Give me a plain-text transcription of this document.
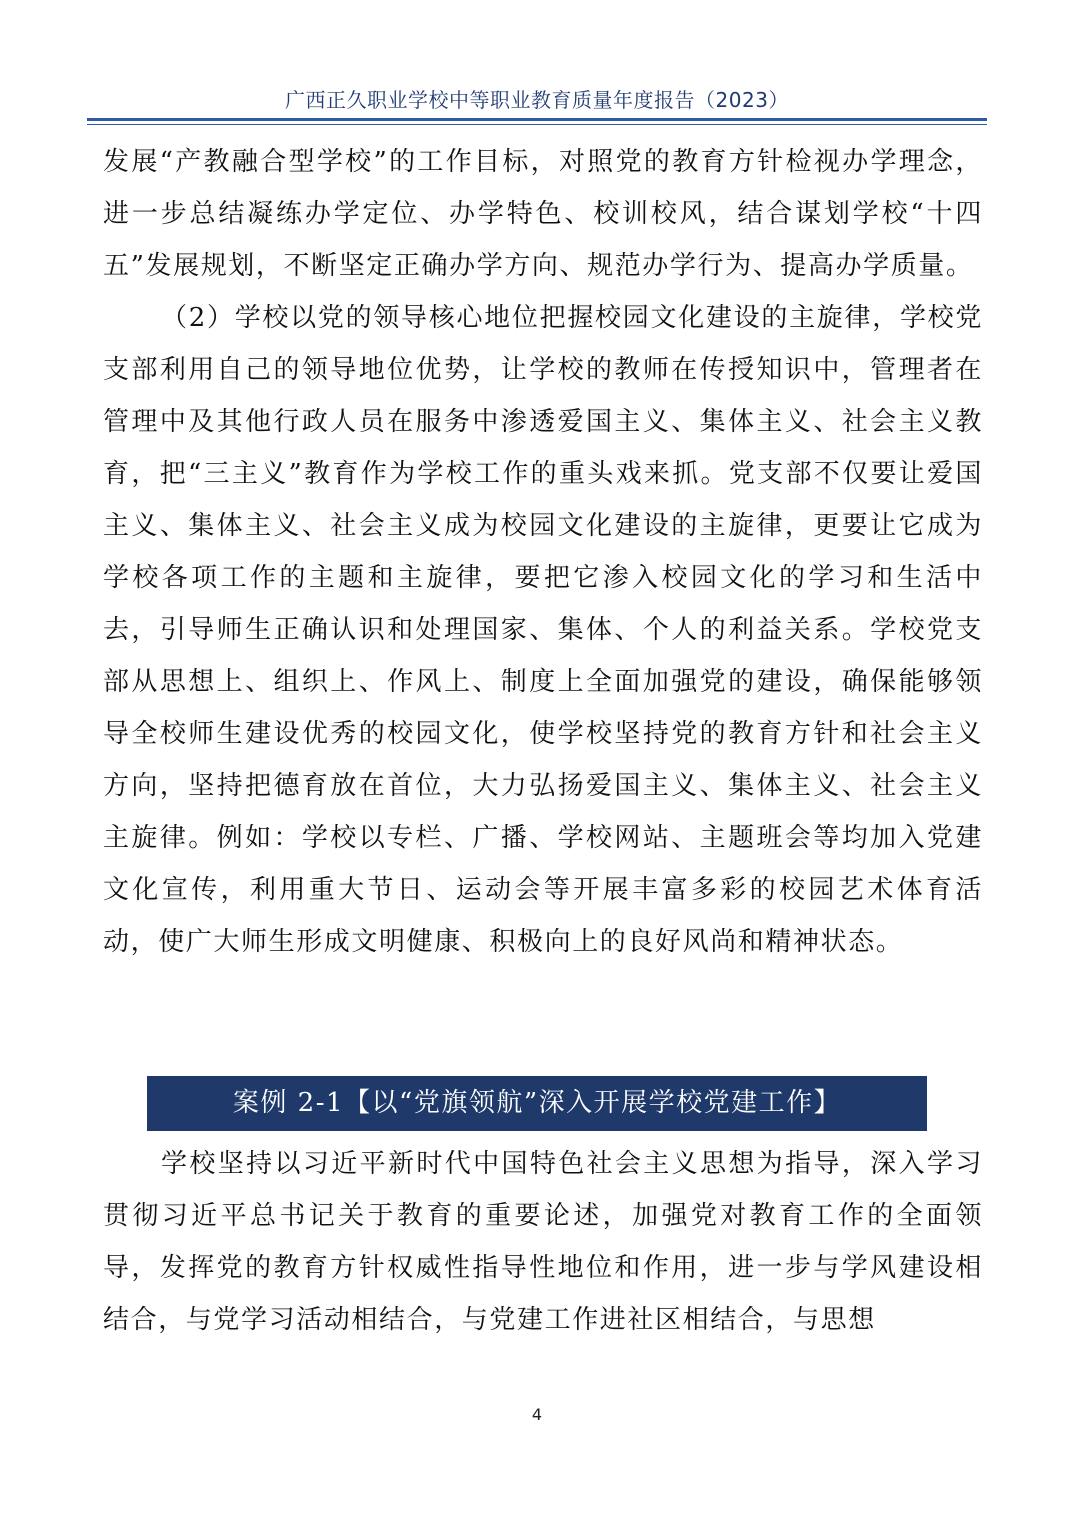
广西正久职业学校中等职业教育质量年度报告（2023）

发展“产教融合型学校”的工作目标，对照党的教育方针检视办学理念，进一步总结凝练办学定位、办学特色、校训校风，结合谋划学校“十四五”发展规划，不断坚定正确办学方向、规范办学行为、提高办学质量。

（2）学校以党的领导核心地位把握校园文化建设的主旋律，学校党支部利用自己的领导地位优势，让学校的教师在传授知识中，管理者在管理中及其他行政人员在服务中渗透爱国主义、集体主义、社会主义教育，把“三主义”教育作为学校工作的重头戏来抓。党支部不仅要让爱国主义、集体主义、社会主义成为校园文化建设的主旋律，更要让它成为学校各项工作的主题和主旋律，要把它渗入校园文化的学习和生活中去，引导师生正确认识和处理国家、集体、个人的利益关系。学校党支部从思想上、组织上、作风上、制度上全面加强党的建设，确保能够领导全校师生建设优秀的校园文化，使学校坚持党的教育方针和社会主义方向，坚持把德育放在首位，大力弘扬爱国主义、集体主义、社会主义主旋律。例如：学校以专栏、广播、学校网站、主题班会等均加入党建文化宣传，利用重大节日、运动会等开展丰富多彩的校园艺术体育活动，使广大师生形成文明健康、积极向上的良好风尚和精神状态。

案例 2-1【以“党旗领航”深入开展学校党建工作】

学校坚持以习近平新时代中国特色社会主义思想为指导，深入学习贯彻习近平总书记关于教育的重要论述，加强党对教育工作的全面领导，发挥党的教育方针权威性指导性地位和作用，进一步与学风建设相结合，与党学习活动相结合，与党建工作进社区相结合，与思想

4
